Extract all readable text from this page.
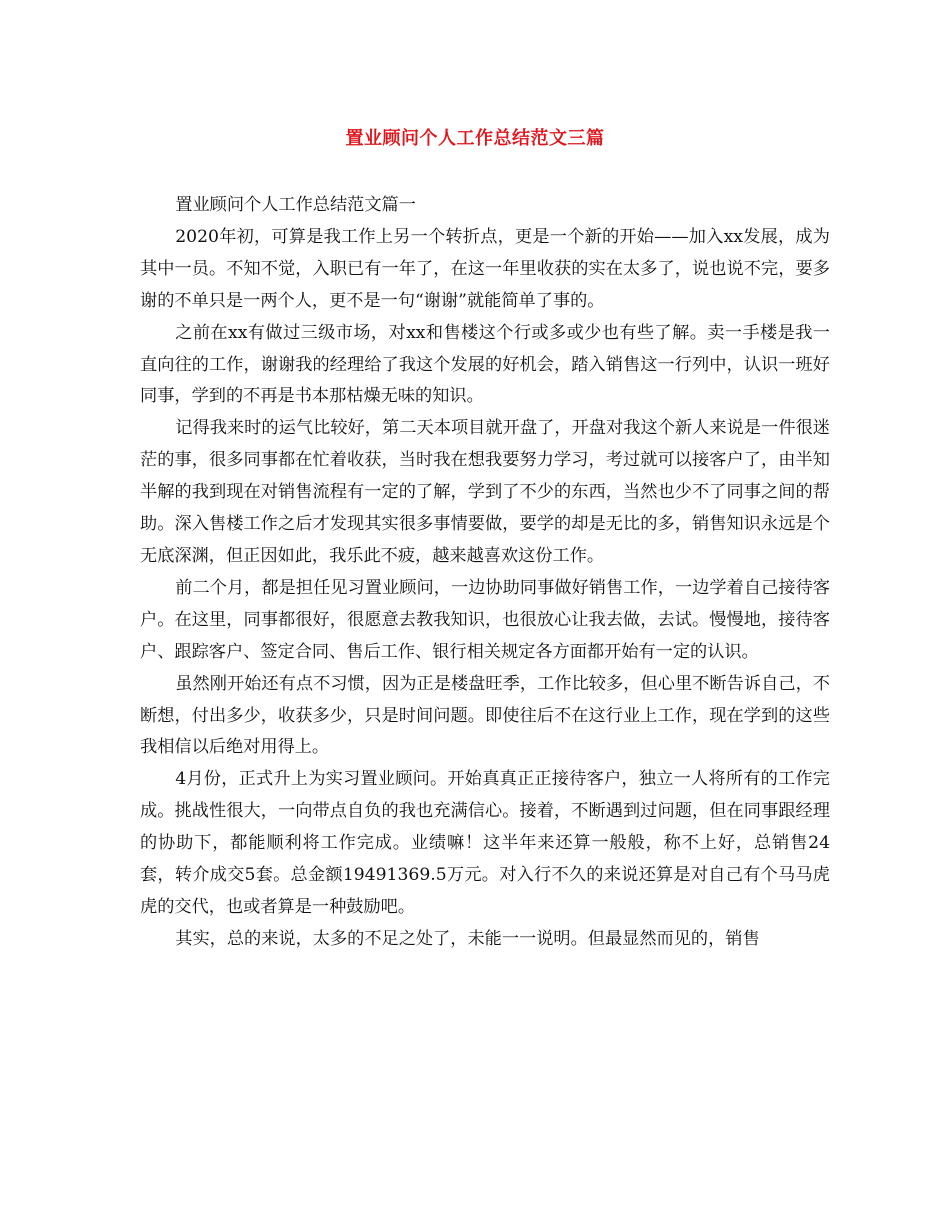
置业顾问个人工作总结范文三篇

置业顾问个人工作总结范文篇一

2020年初，可算是我工作上另一个转折点，更是一个新的开始——加入xx发展，成为其中一员。不知不觉，入职已有一年了，在这一年里收获的实在太多了，说也说不完，要多谢的不单只是一两个人，更不是一句“谢谢”就能简单了事的。

之前在xx有做过三级市场，对xx和售楼这个行或多或少也有些了解。卖一手楼是我一直向往的工作，谢谢我的经理给了我这个发展的好机会，踏入销售这一行列中，认识一班好同事，学到的不再是书本那枯燥无味的知识。

记得我来时的运气比较好，第二天本项目就开盘了，开盘对我这个新人来说是一件很迷茫的事，很多同事都在忙着收获，当时我在想我要努力学习，考过就可以接客户了，由半知半解的我到现在对销售流程有一定的了解，学到了不少的东西，当然也少不了同事之间的帮助。深入售楼工作之后才发现其实很多事情要做，要学的却是无比的多，销售知识永远是个无底深渊，但正因如此，我乐此不疲，越来越喜欢这份工作。

前二个月，都是担任见习置业顾问，一边协助同事做好销售工作，一边学着自己接待客户。在这里，同事都很好，很愿意去教我知识，也很放心让我去做，去试。慢慢地，接待客户、跟踪客户、签定合同、售后工作、银行相关规定各方面都开始有一定的认识。

虽然刚开始还有点不习惯，因为正是楼盘旺季，工作比较多，但心里不断告诉自己，不断想，付出多少，收获多少，只是时间问题。即使往后不在这行业上工作，现在学到的这些我相信以后绝对用得上。

4月份，正式升上为实习置业顾问。开始真真正正接待客户，独立一人将所有的工作完成。挑战性很大，一向带点自负的我也充满信心。接着，不断遇到过问题，但在同事跟经理的协助下，都能顺利将工作完成。业绩嘛！这半年来还算一般般，称不上好，总销售24套，转介成交5套。总金额19491369.5万元。对入行不久的来说还算是对自己有个马马虎虎的交代，也或者算是一种鼓励吧。

其实，总的来说，太多的不足之处了，未能一一说明。但最显然而见的，销售
